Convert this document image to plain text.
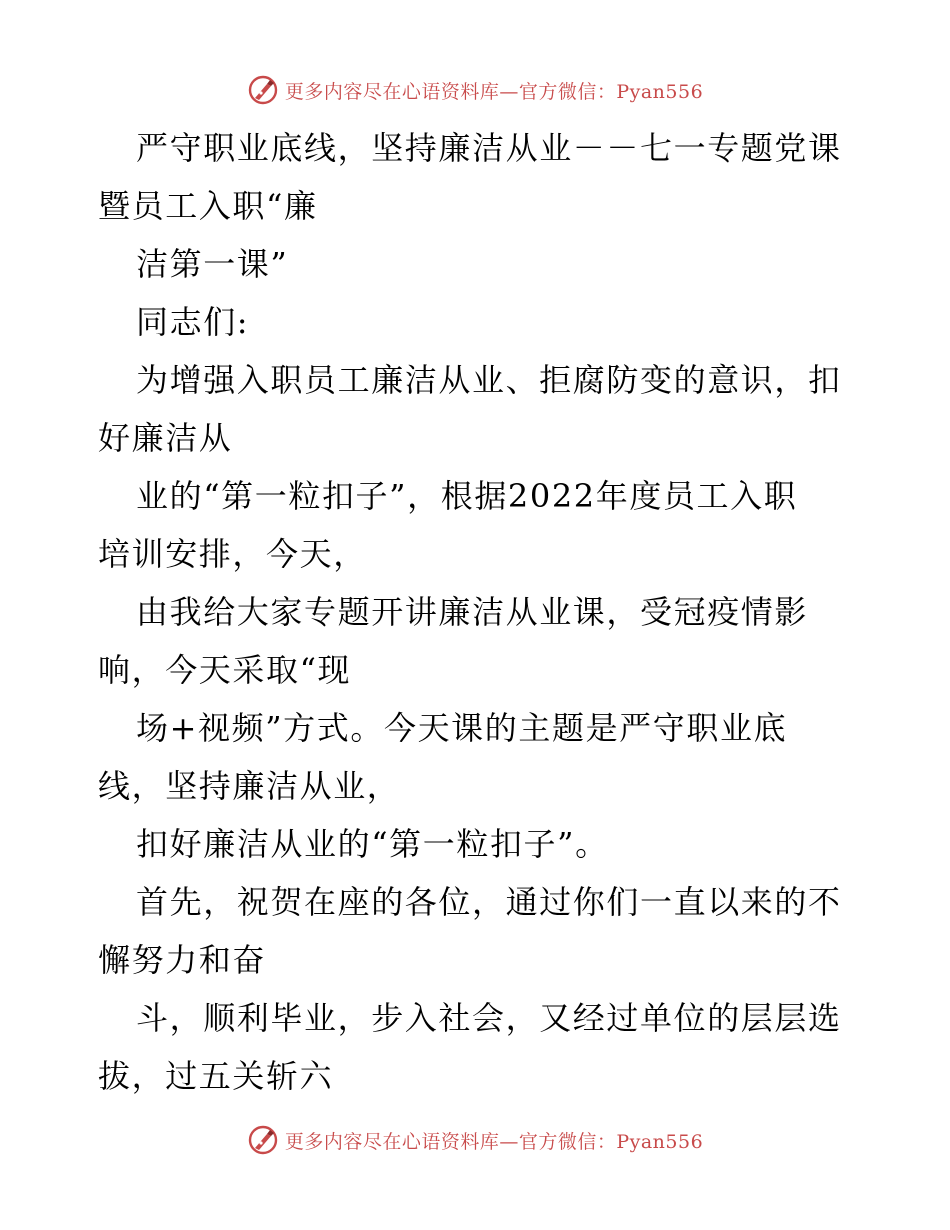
更多内容尽在心语资料库—官方微信：Pyan556
严守职业底线，坚持廉洁从业－－七一专题党课
暨员工入职“廉
洁第一课”
同志们:
为增强入职员工廉洁从业、拒腐防变的意识，扣
好廉洁从
业的“第一粒扣子”，根据2022年度员工入职
培训安排，今天，
由我给大家专题开讲廉洁从业课，受冠疫情影
响，今天采取“现
场+视频”方式。今天课的主题是严守职业底
线，坚持廉洁从业，
扣好廉洁从业的“第一粒扣子”。
首先，祝贺在座的各位，通过你们一直以来的不
懈努力和奋
斗，顺利毕业，步入社会，又经过单位的层层选
拔，过五关斩六
更多内容尽在心语资料库—官方微信：Pyan556
